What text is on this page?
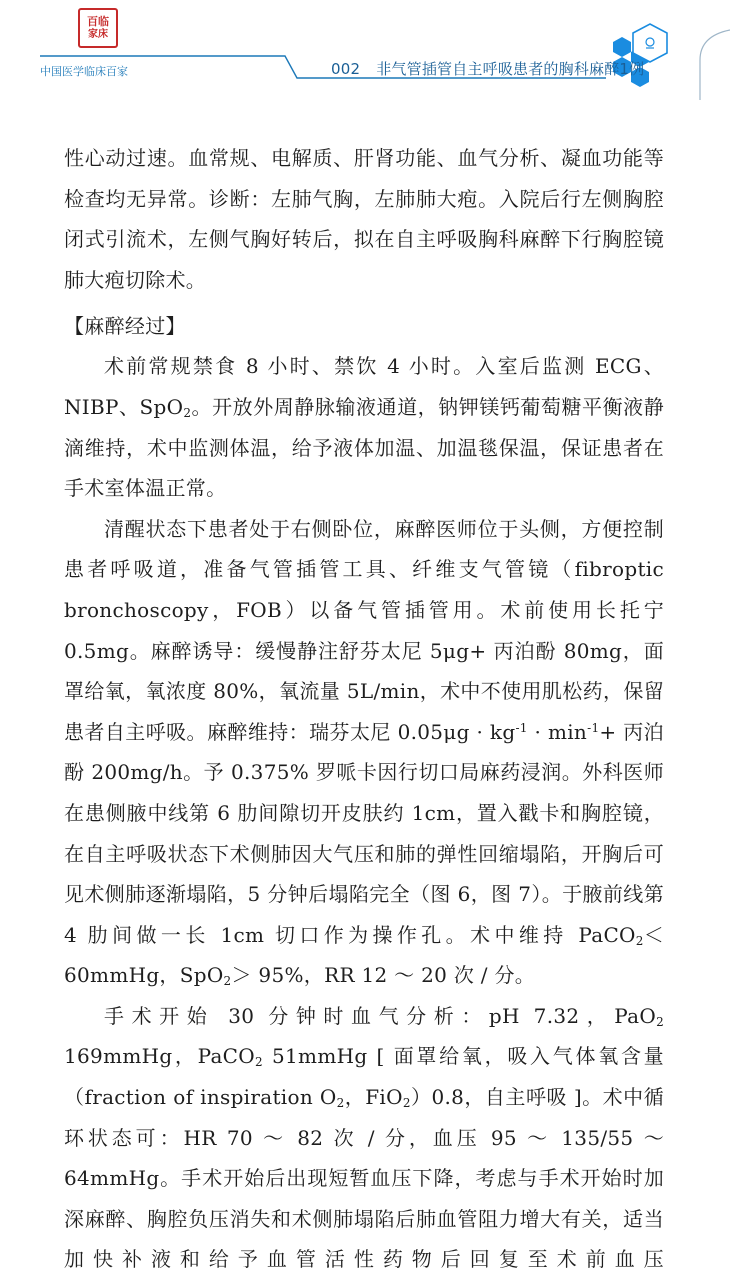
百临
家床
中国医学临床百家	002 非气管插管自主呼吸患者的胸科麻醉1例

性心动过速。血常规、电解质、肝肾功能、血气分析、凝血功能等检查均无异常。诊断：左肺气胸，左肺肺大疱。入院后行左侧胸腔闭式引流术，左侧气胸好转后，拟在自主呼吸胸科麻醉下行胸腔镜肺大疱切除术。

【麻醉经过】

术前常规禁食 8 小时、禁饮 4 小时。入室后监测 ECG、NIBP、SpO$_2$。开放外周静脉输液通道，钠钾镁钙葡萄糖平衡液静滴维持，术中监测体温，给予液体加温、加温毯保温，保证患者在手术室体温正常。

清醒状态下患者处于右侧卧位，麻醉医师位于头侧，方便控制患者呼吸道，准备气管插管工具、纤维支气管镜（fibroptic bronchoscopy，FOB）以备气管插管用。术前使用长托宁 0.5mg。麻醉诱导：缓慢静注舒芬太尼 5μg+ 丙泊酚 80mg，面罩给氧，氧浓度 80%，氧流量 5L/min，术中不使用肌松药，保留患者自主呼吸。麻醉维持：瑞芬太尼 $0.05\mu g \cdot kg^{-1} \cdot \min^{-1}+$ 丙泊酚 200mg/h。予 0.375% 罗哌卡因行切口局麻药浸润。外科医师在患侧腋中线第 6 肋间隙切开皮肤约 1cm，置入戳卡和胸腔镜，在自主呼吸状态下术侧肺因大气压和肺的弹性回缩塌陷，开胸后可见术侧肺逐渐塌陷，5 分钟后塌陷完全（图 6，图 7）。于腋前线第 4 肋间做一长 1cm 切口作为操作孔。术中维持 PaCO$_2$＜ 60mmHg，SpO$_2$＞ 95%，RR 12 ～ 20 次 / 分。

手术开始 30 分钟时血气分析：pH 7.32，PaO$_2$ 169mmHg，PaCO$_2$ 51mmHg [ 面罩给氧，吸入气体氧含量（fraction of inspiration $O_2$，FiO$_2$）0.8，自主呼吸 ]。术中循环状态可：HR 70 ～ 82 次 / 分，血压 95 ～ 135/55 ～ 64mmHg。手术开始后出现短暂血压下降，考虑与手术开始时加深麻醉、胸腔负压消失和术侧肺塌陷后肺血管阻力增大有关，适当加快补液和给予血管活性药物后回复至术前血压
